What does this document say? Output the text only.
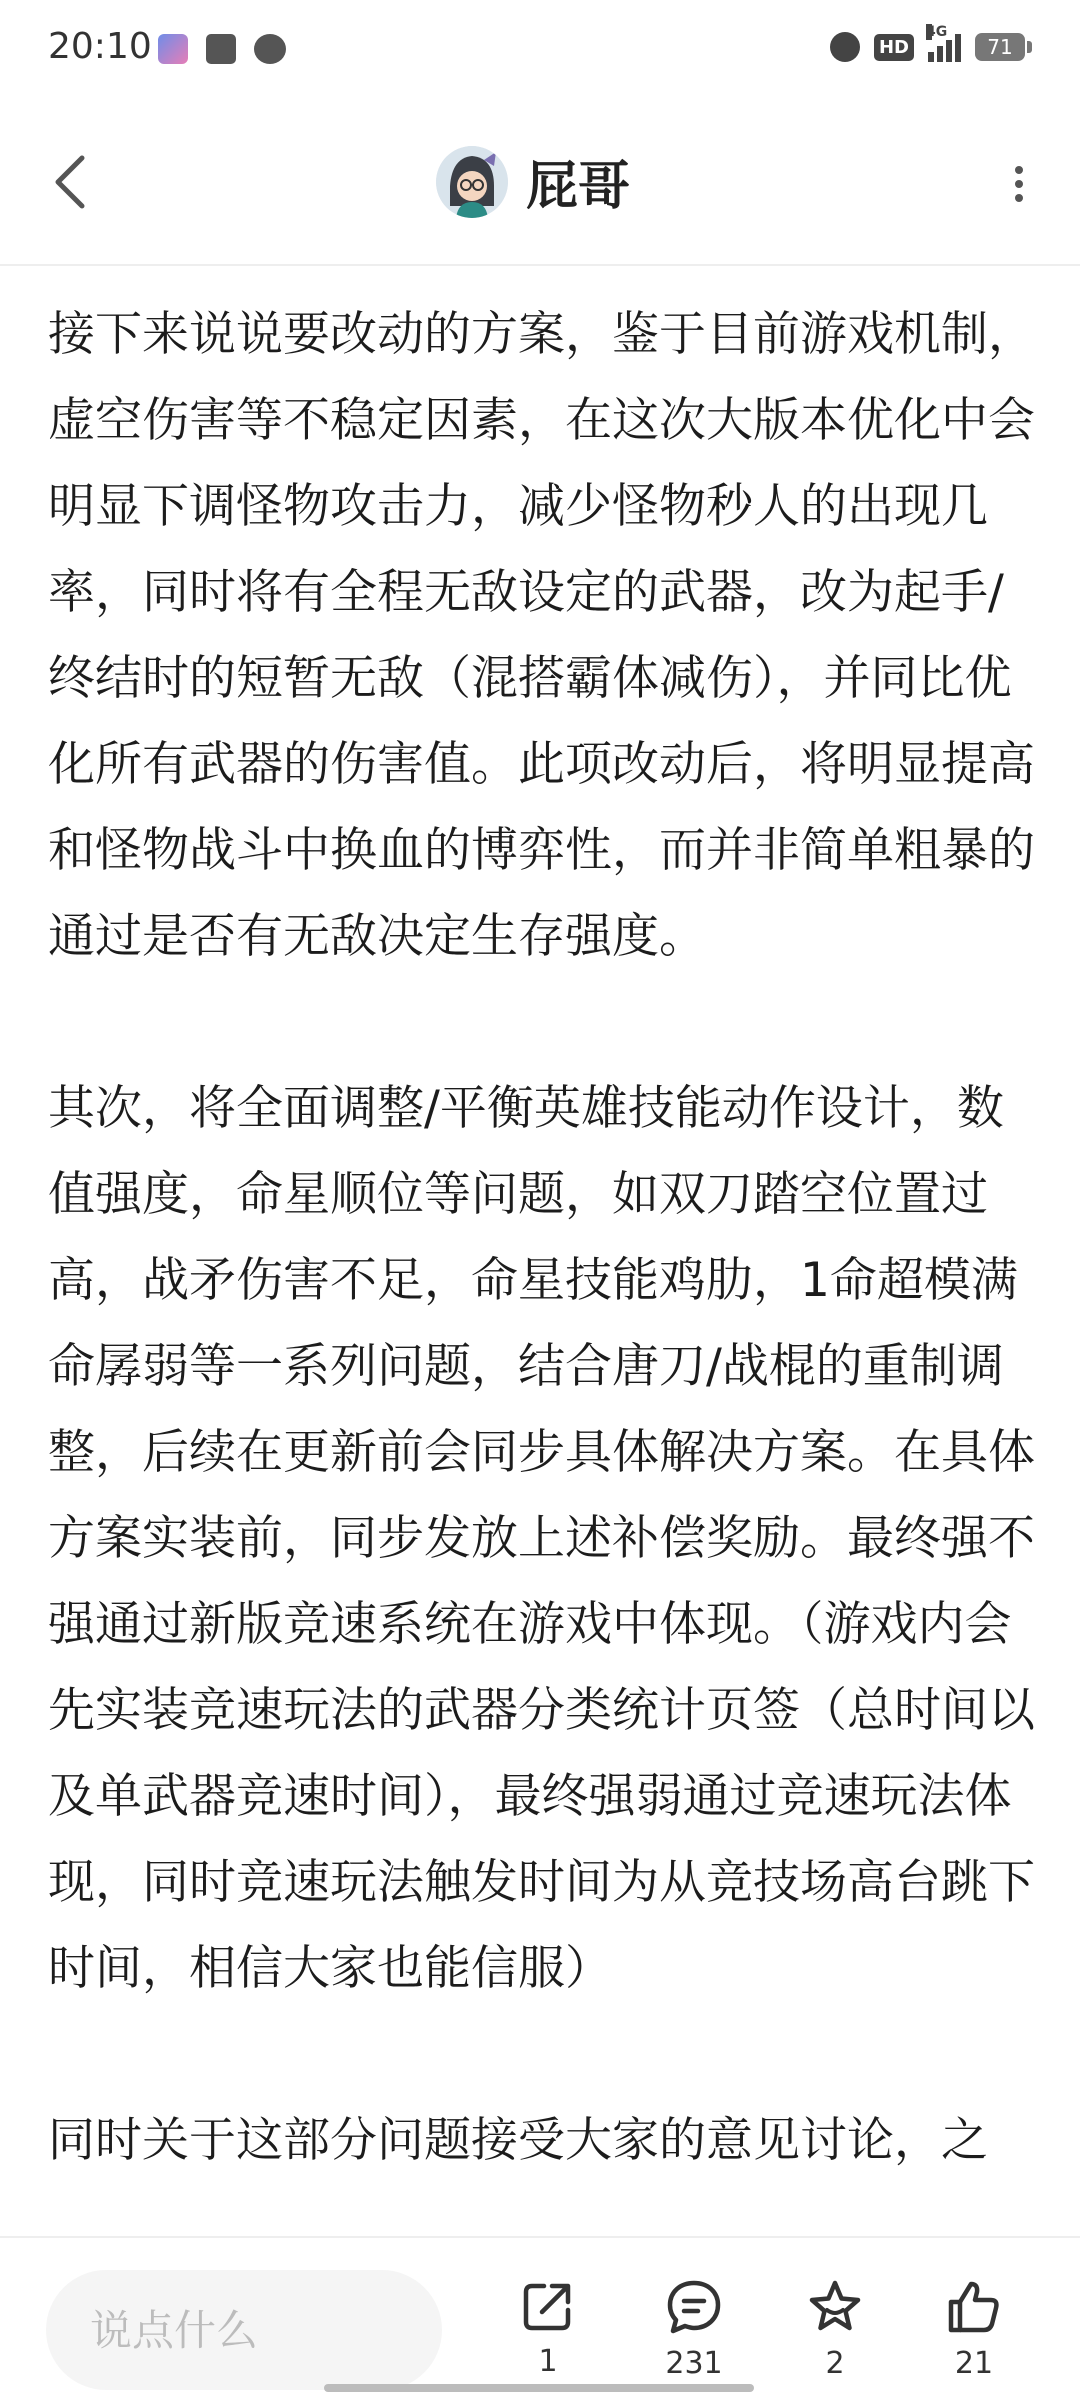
20:10	HD
4G
71
屁哥

接下来说说要改动的方案，鉴于目前游戏机制，虚空伤害等不稳定因素，在这次大版本优化中会明显下调怪物攻击力，减少怪物秒人的出现几率，同时将有全程无敌设定的武器，改为起手/终结时的短暂无敌（混搭霸体减伤），并同比优化所有武器的伤害值。此项改动后，将明显提高和怪物战斗中换血的博弈性，而并非简单粗暴的通过是否有无敌决定生存强度。

其次，将全面调整/平衡英雄技能动作设计，数值强度，命星顺位等问题，如双刀踏空位置过高，战矛伤害不足，命星技能鸡肋，1命超模满命孱弱等一系列问题，结合唐刀/战棍的重制调整，后续在更新前会同步具体解决方案。在具体方案实装前，同步发放上述补偿奖励。最终强不强通过新版竞速系统在游戏中体现。（游戏内会先实装竞速玩法的武器分类统计页签（总时间以及单武器竞速时间），最终强弱通过竞速玩法体现，同时竞速玩法触发时间为从竞技场高台跳下时间，相信大家也能信服）

同时关于这部分问题接受大家的意见讨论，之

说点什么
1	231	2	21
